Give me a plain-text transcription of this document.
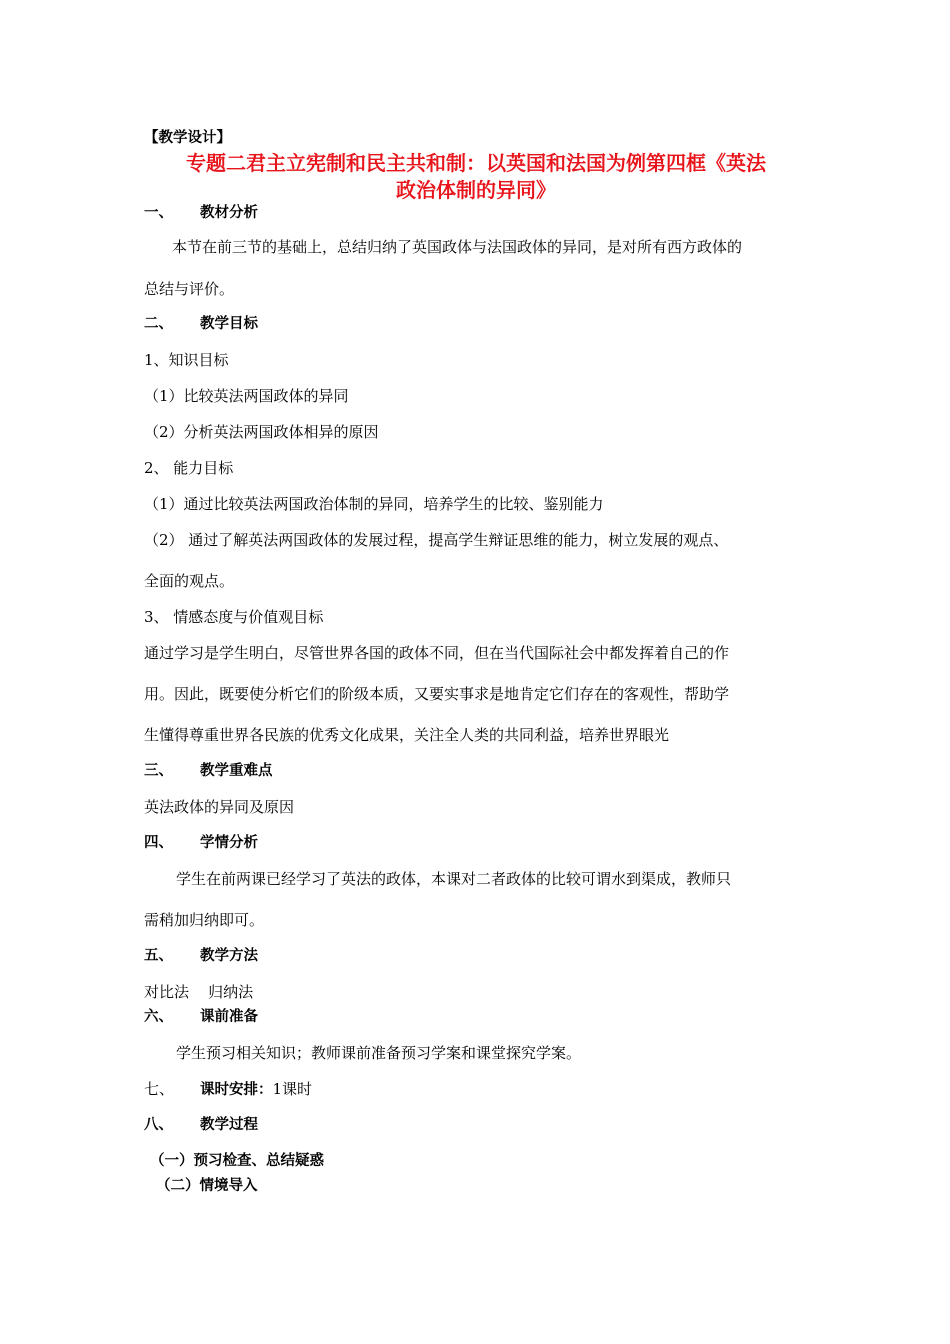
【教学设计】
专题二君主立宪制和民主共和制：以英国和法国为例第四框《英法
政治体制的异同》
一、 教材分析
本节在前三节的基础上，总结归纳了英国政体与法国政体的异同，是对所有西方政体的
总结与评价。
二、 教学目标
1、知识目标
（1）比较英法两国政体的异同
（2）分析英法两国政体相异的原因
2、 能力目标
（1）通过比较英法两国政治体制的异同，培养学生的比较、鉴别能力
（2） 通过了解英法两国政体的发展过程，提高学生辩证思维的能力，树立发展的观点、
全面的观点。
3、 情感态度与价值观目标
通过学习是学生明白，尽管世界各国的政体不同，但在当代国际社会中都发挥着自己的作
用。因此，既要使分析它们的阶级本质，又要实事求是地肯定它们存在的客观性，帮助学
生懂得尊重世界各民族的优秀文化成果，关注全人类的共同利益，培养世界眼光
三、 教学重难点
英法政体的异同及原因
四、 学情分析
学生在前两课已经学习了英法的政体，本课对二者政体的比较可谓水到渠成，教师只
需稍加归纳即可。
五、 教学方法
对比法    归纳法
六、 课前准备
学生预习相关知识；教师课前准备预习学案和课堂探究学案。
七、 课时安排：1课时
八、 教学过程
（一）预习检查、总结疑惑
（二）情境导入
